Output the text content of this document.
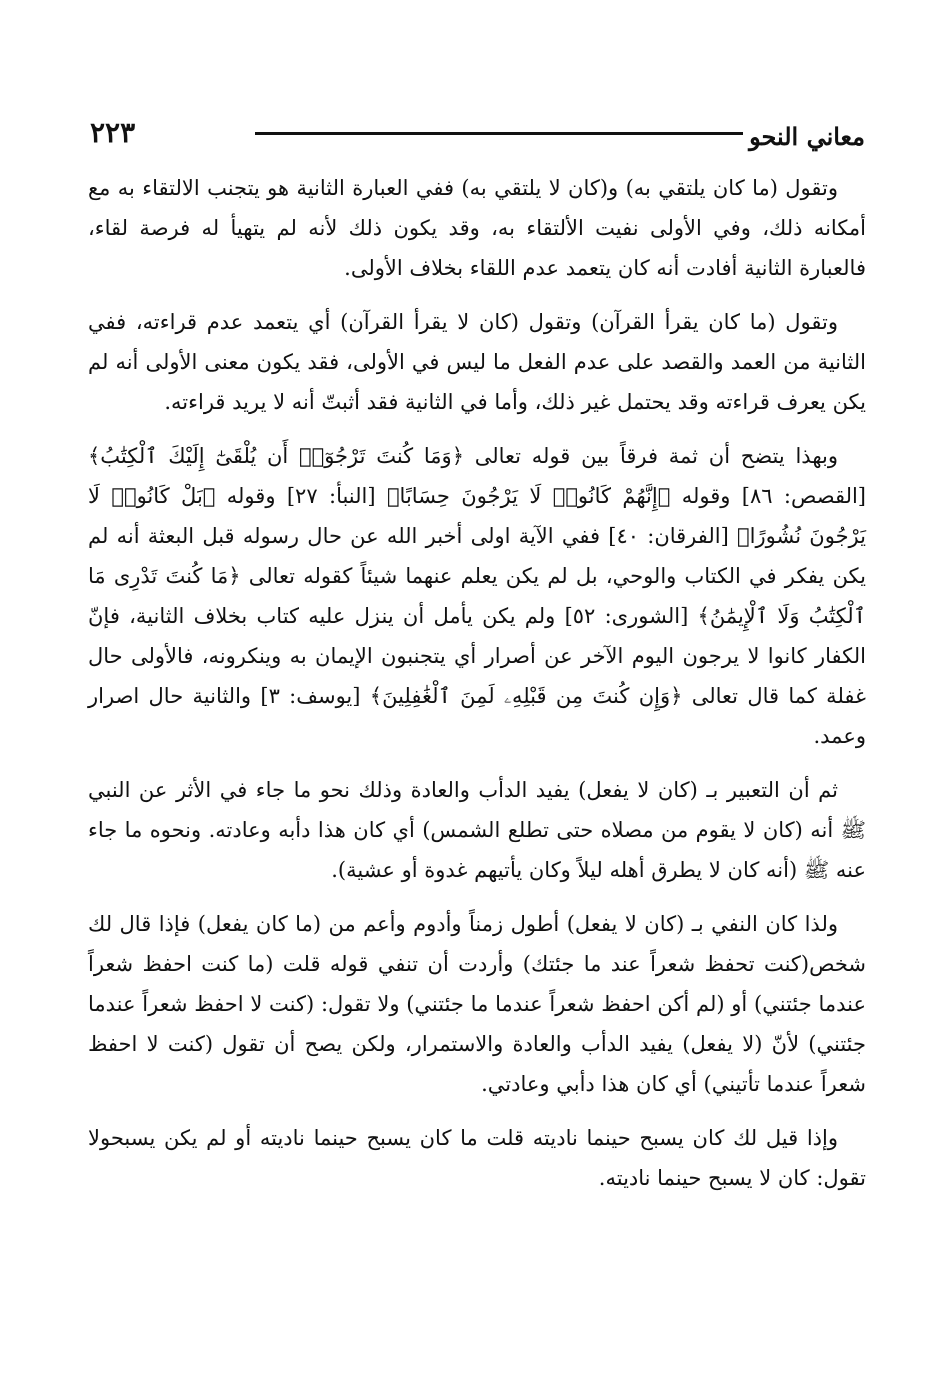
معاني النحو
٢٢٣

وتقول (ما كان يلتقي به) و(كان لا يلتقي به) ففي العبارة الثانية هو يتجنب الالتقاء به مع أمكانه ذلك، وفي الأولى نفيت الألتقاء به، وقد يكون ذلك لأنه لم يتهيأ له فرصة لقاء، فالعبارة الثانية أفادت أنه كان يتعمد عدم اللقاء بخلاف الأولى.

وتقول (ما كان يقرأ القرآن) وتقول (كان لا يقرأ القرآن) أي يتعمد عدم قراءته، ففي الثانية من العمد والقصد على عدم الفعل ما ليس في الأولى، فقد يكون معنى الأولى أنه لم يكن يعرف قراءته وقد يحتمل غير ذلك، وأما في الثانية فقد أثبتّ أنه لا يريد قراءته.

وبهذا يتضح أن ثمة فرقاً بين قوله تعالى ﴿وَمَا كُنتَ تَرْجُوٓا۟ أَن يُلْقَىٰٓ إِلَيْكَ ٱلْكِتَٰبُ﴾ [القصص: ٨٦] وقوله ﴿إِنَّهُمْ كَانُوا۟ لَا يَرْجُونَ حِسَابًا﴾ [النبأ: ٢٧] وقوله ﴿بَلْ كَانُوا۟ لَا يَرْجُونَ نُشُورًا﴾ [الفرقان: ٤٠] ففي الآية اولى أخبر الله عن حال رسوله قبل البعثة أنه لم يكن يفكر في الكتاب والوحي، بل لم يكن يعلم عنهما شيئاً كقوله تعالى ﴿مَا كُنتَ تَدْرِى مَا ٱلْكِتَٰبُ وَلَا ٱلْإِيمَٰنُ﴾ [الشورى: ٥٢] ولم يكن يأمل أن ينزل عليه كتاب بخلاف الثانية، فإنّ الكفار كانوا لا يرجون اليوم الآخر عن أصرار أي يتجنبون الإيمان به وينكرونه، فالأولى حال غفلة كما قال تعالى ﴿وَإِن كُنتَ مِن قَبْلِهِۦ لَمِنَ ٱلْغَٰفِلِينَ﴾ [يوسف: ٣] والثانية حال اصرار وعمد.

ثم أن التعبير بـ (كان لا يفعل) يفيد الدأب والعادة وذلك نحو ما جاء في الأثر عن النبي ﷺ أنه (كان لا يقوم من مصلاه حتى تطلع الشمس) أي كان هذا دأبه وعادته. ونحوه ما جاء عنه ﷺ (أنه كان لا يطرق أهله ليلاً وكان يأتيهم غدوة أو عشية).

ولذا كان النفي بـ (كان لا يفعل) أطول زمناً وأدوم وأعم من (ما كان يفعل) فإذا قال لك شخص(كنت تحفظ شعراً عند ما جئتك) وأردت أن تنفي قوله قلت (ما كنت احفظ شعراً عندما جئتني) أو (لم أكن احفظ شعراً عندما ما جئتني) ولا تقول: (كنت لا احفظ شعراً عندما جئتني) لأنّ (لا يفعل) يفيد الدأب والعادة والاستمرار، ولكن يصح أن تقول (كنت لا احفظ شعراً عندما تأتيني) أي كان هذا دأبي وعادتي.

وإذا قيل لك كان يسبح حينما ناديته قلت ما كان يسبح حينما ناديته أو لم يكن يسبحولا تقول: كان لا يسبح حينما ناديته.
